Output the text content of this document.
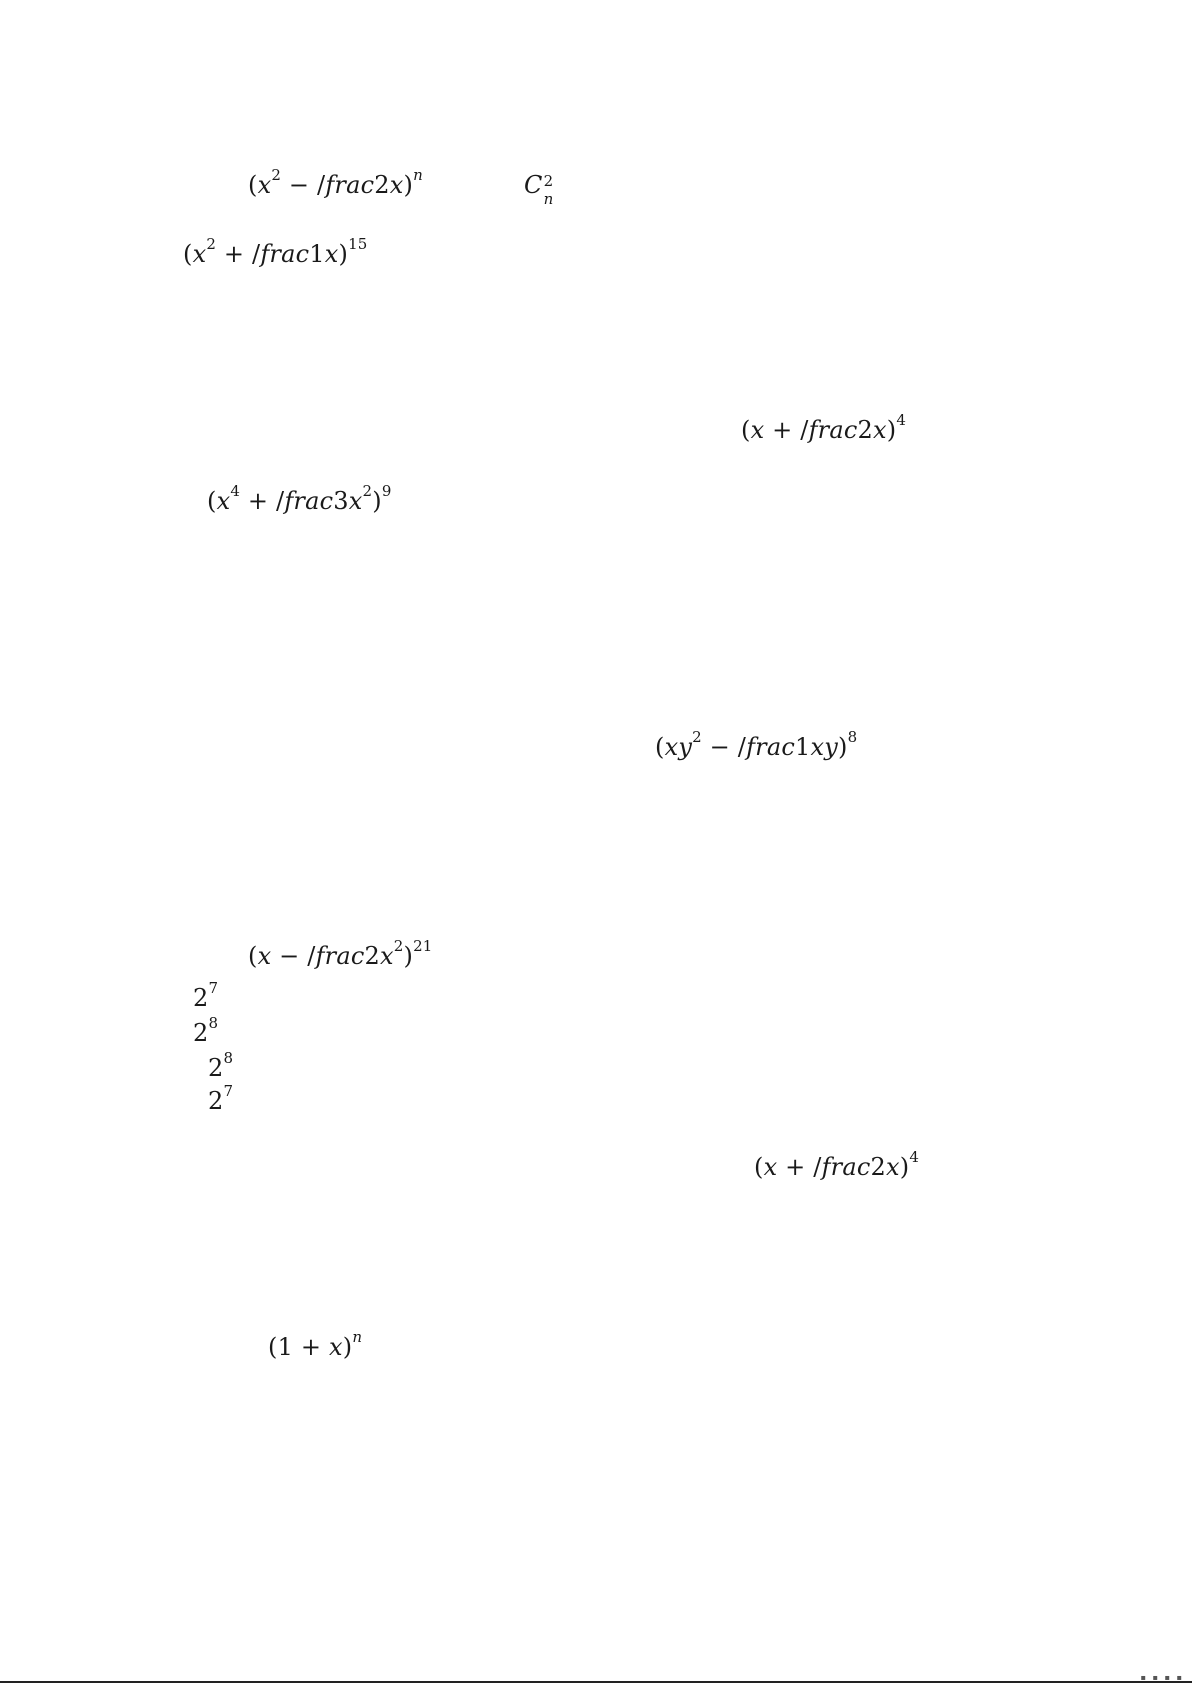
($x^2$ − /frac2x)$^n$	C 2
n
($x^2$ + /frac1x)$^{15}$
(x + /frac2x)$^4$
($x^4$ + $/frac3x^2)^9$
($xy^2$ − /frac1xy)$^8$
$(x - /frac2x^2)^{21}$
$2^7$
$2^8$
$2^8$
$2^7$
(x + /frac2x)$^4$
$(1 + x)^n$
▪ ▪ ▪ ▪
